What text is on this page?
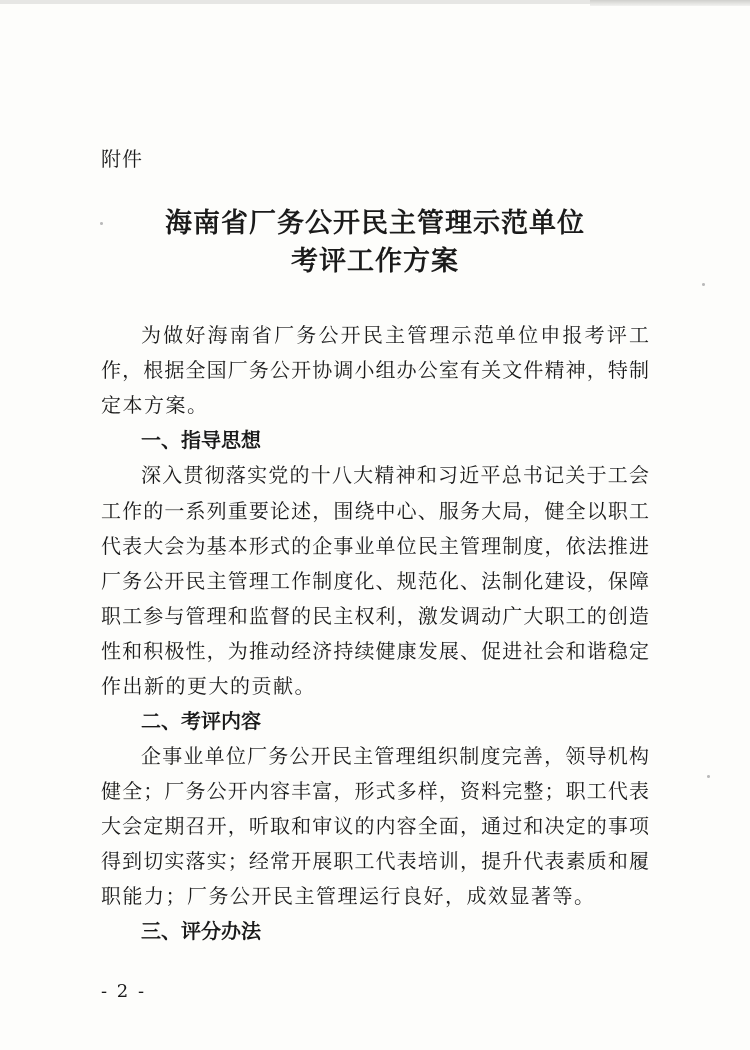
附件
海南省厂务公开民主管理示范单位
考评工作方案
为做好海南省厂务公开民主管理示范单位申报考评工
作，根据全国厂务公开协调小组办公室有关文件精神，特制
定本方案。
一、指导思想
深入贯彻落实党的十八大精神和习近平总书记关于工会
工作的一系列重要论述，围绕中心、服务大局，健全以职工
代表大会为基本形式的企事业单位民主管理制度，依法推进
厂务公开民主管理工作制度化、规范化、法制化建设，保障
职工参与管理和监督的民主权利，激发调动广大职工的创造
性和积极性，为推动经济持续健康发展、促进社会和谐稳定
作出新的更大的贡献。
二、考评内容
企事业单位厂务公开民主管理组织制度完善，领导机构
健全；厂务公开内容丰富，形式多样，资料完整；职工代表
大会定期召开，听取和审议的内容全面，通过和决定的事项
得到切实落实；经常开展职工代表培训，提升代表素质和履
职能力；厂务公开民主管理运行良好，成效显著等。
三、评分办法
- 2 -
